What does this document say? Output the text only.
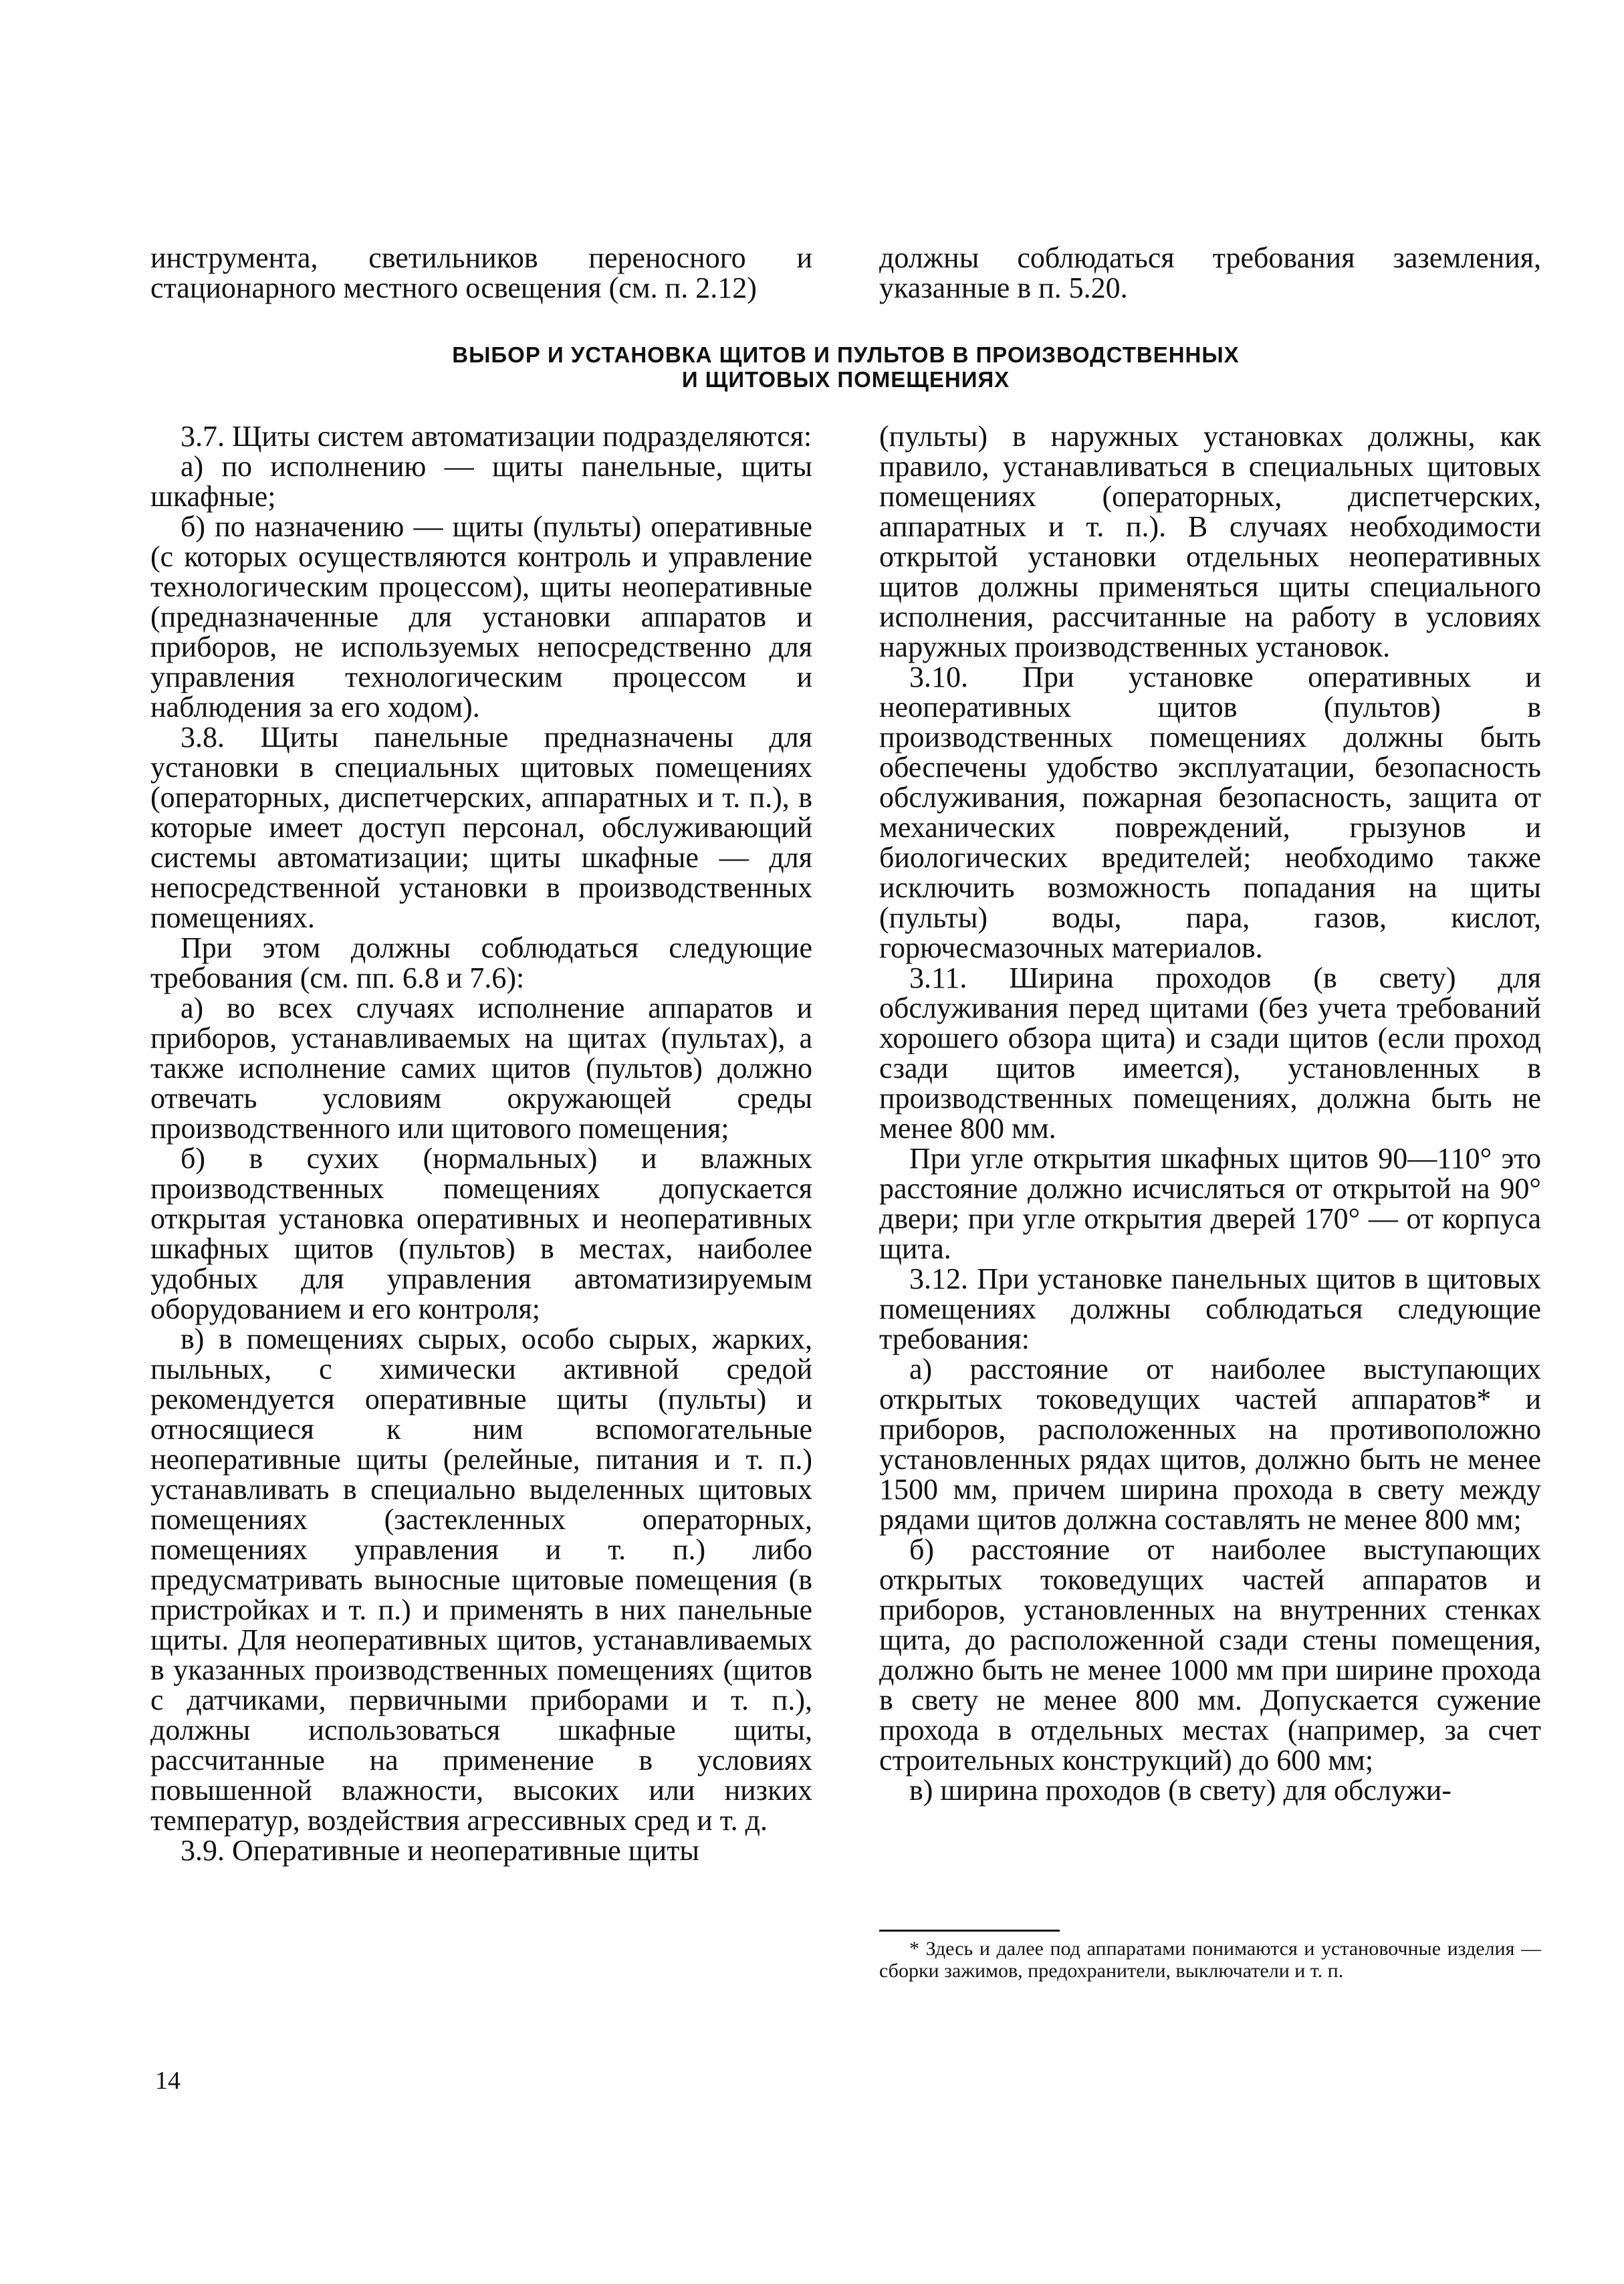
инструмента, светильников переносного и стационарного местного освещения (см. п. 2.12)

должны соблюдаться требования заземления, указанные в п. 5.20.

ВЫБОР И УСТАНОВКА ЩИТОВ И ПУЛЬТОВ В ПРОИЗВОДСТВЕННЫХ
И ЩИТОВЫХ ПОМЕЩЕНИЯХ

3.7. Щиты систем автоматизации подразделяются:

а) по исполнению — щиты панельные, щиты шкафные;

б) по назначению — щиты (пульты) оперативные (с которых осуществляются контроль и управление технологическим процессом), щиты неоперативные (предназначенные для установки аппаратов и приборов, не используемых непосредственно для управления технологическим процессом и наблюдения за его ходом).

3.8. Щиты панельные предназначены для установки в специальных щитовых помещениях (операторных, диспетчерских, аппаратных и т. п.), в которые имеет доступ персонал, обслуживающий системы автоматизации; щиты шкафные — для непосредственной установки в производственных помещениях.

При этом должны соблюдаться следующие требования (см. пп. 6.8 и 7.6):

а) во всех случаях исполнение аппаратов и приборов, устанавливаемых на щитах (пультах), а также исполнение самих щитов (пультов) должно отвечать условиям окружающей среды производственного или щитового помещения;

б) в сухих (нормальных) и влажных производственных помещениях допускается открытая установка оперативных и неоперативных шкафных щитов (пультов) в местах, наиболее удобных для управления автоматизируемым оборудованием и его контроля;

в) в помещениях сырых, особо сырых, жарких, пыльных, с химически активной средой рекомендуется оперативные щиты (пульты) и относящиеся к ним вспомогательные неоперативные щиты (релейные, питания и т. п.) устанавливать в специально выделенных щитовых помещениях (застекленных операторных, помещениях управления и т. п.) либо предусматривать выносные щитовые помещения (в пристройках и т. п.) и применять в них панельные щиты. Для неоперативных щитов, устанавливаемых в указанных производственных помещениях (щитов с датчиками, первичными приборами и т. п.), должны использоваться шкафные щиты, рассчитанные на применение в условиях повышенной влажности, высоких или низких температур, воздействия агрессивных сред и т. д.

3.9. Оперативные и неоперативные щиты

(пульты) в наружных установках должны, как правило, устанавливаться в специальных щитовых помещениях (операторных, диспетчерских, аппаратных и т. п.). В случаях необходимости открытой установки отдельных неоперативных щитов должны применяться щиты специального исполнения, рассчитанные на работу в условиях наружных производственных установок.

3.10. При установке оперативных и неоперативных щитов (пультов) в производственных помещениях должны быть обеспечены удобство эксплуатации, безопасность обслуживания, пожарная безопасность, защита от механических повреждений, грызунов и биологических вредителей; необходимо также исключить возможность попадания на щиты (пульты) воды, пара, газов, кислот, горючесмазочных материалов.

3.11. Ширина проходов (в свету) для обслуживания перед щитами (без учета требований хорошего обзора щита) и сзади щитов (если проход сзади щитов имеется), установленных в производственных помещениях, должна быть не менее 800 мм.

При угле открытия шкафных щитов 90—110° это расстояние должно исчисляться от открытой на 90° двери; при угле открытия дверей 170° — от корпуса щита.

3.12. При установке панельных щитов в щитовых помещениях должны соблюдаться следующие требования:

а) расстояние от наиболее выступающих открытых токоведущих частей аппаратов* и приборов, расположенных на противоположно установленных рядах щитов, должно быть не менее 1500 мм, причем ширина прохода в свету между рядами щитов должна составлять не менее 800 мм;

б) расстояние от наиболее выступающих открытых токоведущих частей аппаратов и приборов, установленных на внутренних стенках щита, до расположенной сзади стены помещения, должно быть не менее 1000 мм при ширине прохода в свету не менее 800 мм. Допускается сужение прохода в отдельных местах (например, за счет строительных конструкций) до 600 мм;

в) ширина проходов (в свету) для обслужи-

* Здесь и далее под аппаратами понимаются и установочные изделия — сборки зажимов, предохранители, выключатели и т. п.

14
